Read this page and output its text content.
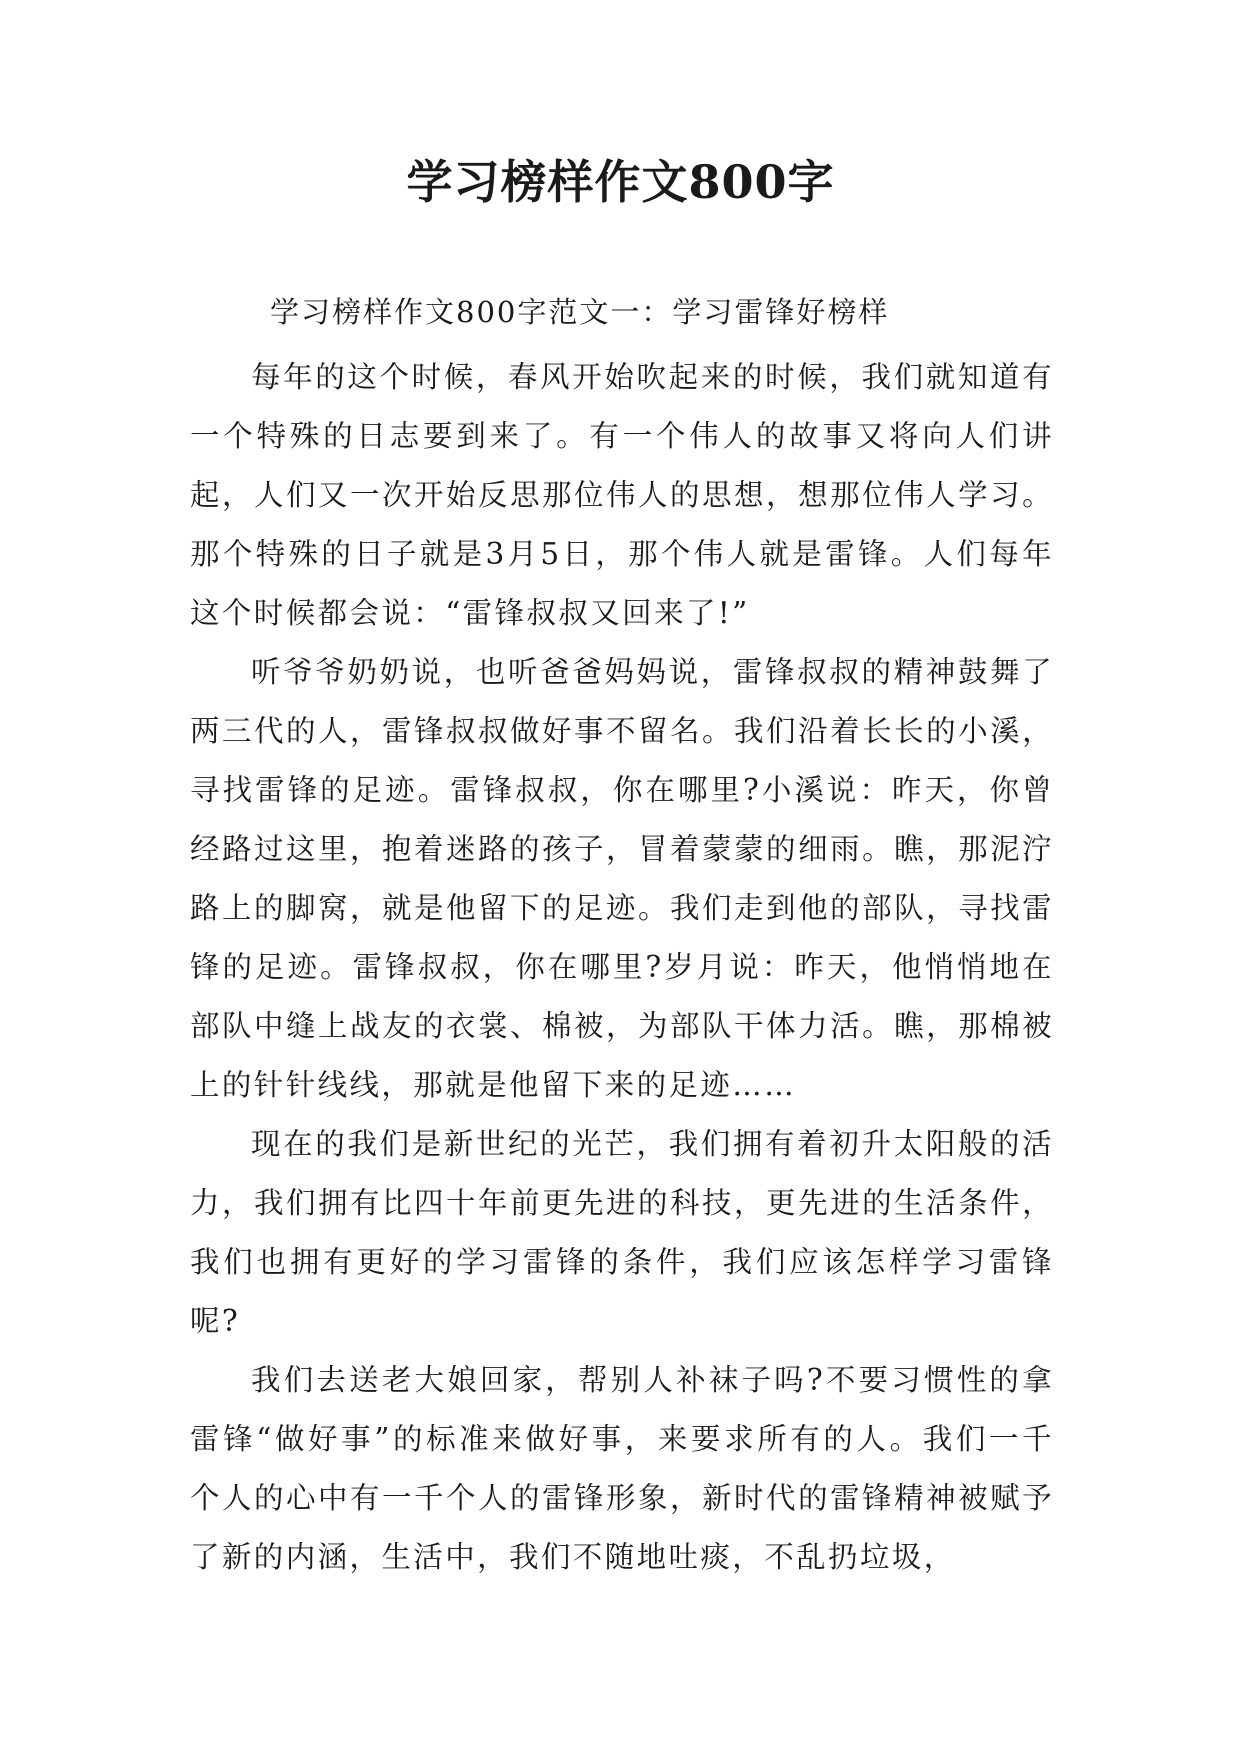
学习榜样作文800字

学习榜样作文800字范文一：学习雷锋好榜样

每年的这个时候，春风开始吹起来的时候，我们就知道有一个特殊的日志要到来了。有一个伟人的故事又将向人们讲起，人们又一次开始反思那位伟人的思想，想那位伟人学习。那个特殊的日子就是3月5日，那个伟人就是雷锋。人们每年这个时候都会说：“雷锋叔叔又回来了!”

听爷爷奶奶说，也听爸爸妈妈说，雷锋叔叔的精神鼓舞了两三代的人，雷锋叔叔做好事不留名。我们沿着长长的小溪，寻找雷锋的足迹。雷锋叔叔，你在哪里?小溪说：昨天，你曾经路过这里，抱着迷路的孩子，冒着蒙蒙的细雨。瞧，那泥泞路上的脚窝，就是他留下的足迹。我们走到他的部队，寻找雷锋的足迹。雷锋叔叔，你在哪里?岁月说：昨天，他悄悄地在部队中缝上战友的衣裳、棉被，为部队干体力活。瞧，那棉被上的针针线线，那就是他留下来的足迹……

现在的我们是新世纪的光芒，我们拥有着初升太阳般的活力，我们拥有比四十年前更先进的科技，更先进的生活条件，我们也拥有更好的学习雷锋的条件，我们应该怎样学习雷锋呢?

我们去送老大娘回家，帮别人补袜子吗?不要习惯性的拿雷锋“做好事”的标准来做好事，来要求所有的人。我们一千个人的心中有一千个人的雷锋形象，新时代的雷锋精神被赋予了新的内涵，生活中，我们不随地吐痰，不乱扔垃圾，
